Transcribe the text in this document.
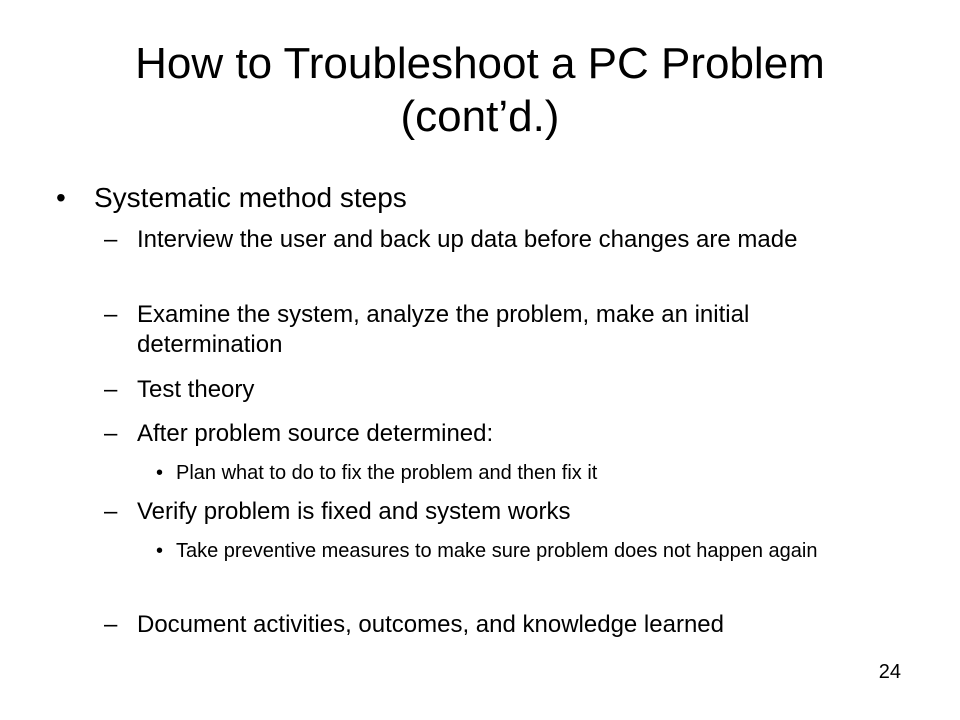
How to Troubleshoot a PC Problem
(cont’d.)
• Systematic method steps
– Interview the user and back up data before changes are made
– Examine the system, analyze the problem, make an initial determination
– Test theory
– After problem source determined:
• Plan what to do to fix the problem and then fix it
– Verify problem is fixed and system works
• Take preventive measures to make sure problem does not happen again
– Document activities, outcomes, and knowledge learned
24
